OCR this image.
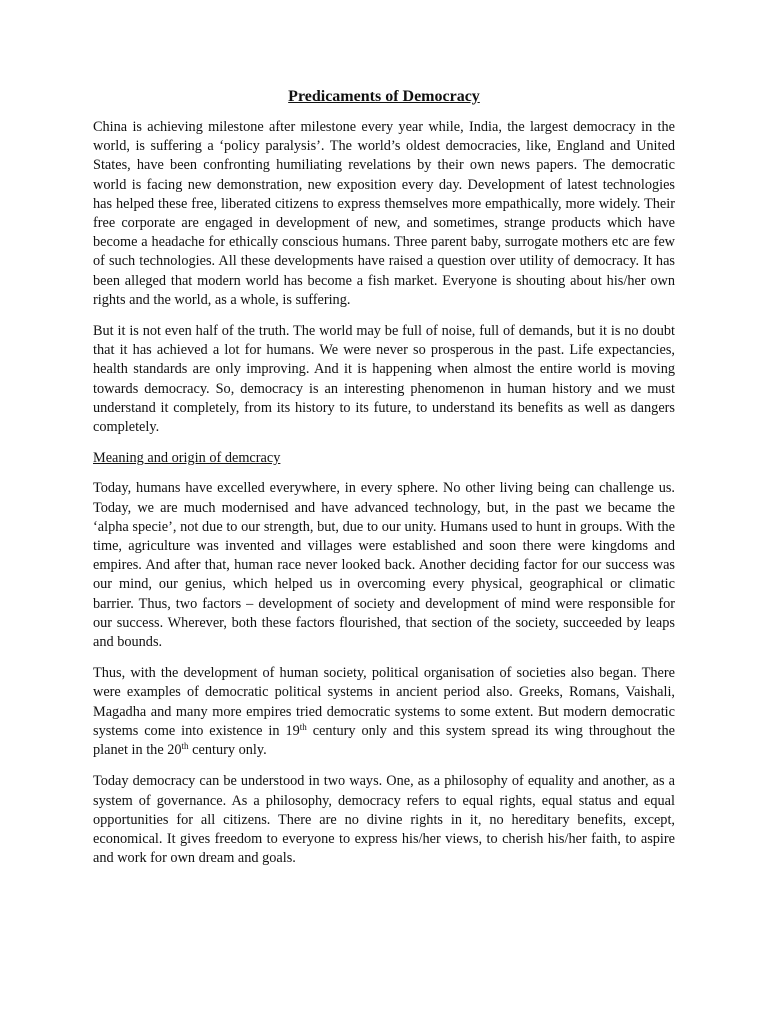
Predicaments of Democracy

China is achieving milestone after milestone every year while, India, the largest democracy in the world, is suffering a ‘policy paralysis’. The world’s oldest democracies, like, England and United States, have been confronting humiliating revelations by their own news papers. The democratic world is facing new demonstration, new exposition every day. Development of latest technologies has helped these free, liberated citizens to express themselves more empathically, more widely. Their free corporate are engaged in development of new, and sometimes, strange products which have become a headache for ethically conscious humans. Three parent baby, surrogate mothers etc are few of such technologies. All these developments have raised a question over utility of democracy. It has been alleged that modern world has become a fish market. Everyone is shouting about his/her own rights and the world, as a whole, is suffering.

But it is not even half of the truth. The world may be full of noise, full of demands, but it is no doubt that it has achieved a lot for humans. We were never so prosperous in the past. Life expectancies, health standards are only improving. And it is happening when almost the entire world is moving towards democracy. So, democracy is an interesting phenomenon in human history and we must understand it completely, from its history to its future, to understand its benefits as well as dangers completely.

Meaning and origin of demcracy

Today, humans have excelled everywhere, in every sphere. No other living being can challenge us. Today, we are much modernised and have advanced technology, but, in the past we became the ‘alpha specie’, not due to our strength, but, due to our unity. Humans used to hunt in groups. With the time, agriculture was invented and villages were established and soon there were kingdoms and empires. And after that, human race never looked back. Another deciding factor for our success was our mind, our genius, which helped us in overcoming every physical, geographical or climatic barrier. Thus, two factors – development of society and development of mind were responsible for our success. Wherever, both these factors flourished, that section of the society, succeeded by leaps and bounds.

Thus, with the development of human society, political organisation of societies also began. There were examples of democratic political systems in ancient period also. Greeks, Romans, Vaishali, Magadha and many more empires tried democratic systems to some extent. But modern democratic systems come into existence in 19th century only and this system spread its wing throughout the planet in the 20th century only.

Today democracy can be understood in two ways. One, as a philosophy of equality and another, as a system of governance. As a philosophy, democracy refers to equal rights, equal status and equal opportunities for all citizens. There are no divine rights in it, no hereditary benefits, except, economical. It gives freedom to everyone to express his/her views, to cherish his/her faith, to aspire and work for own dream and goals.
